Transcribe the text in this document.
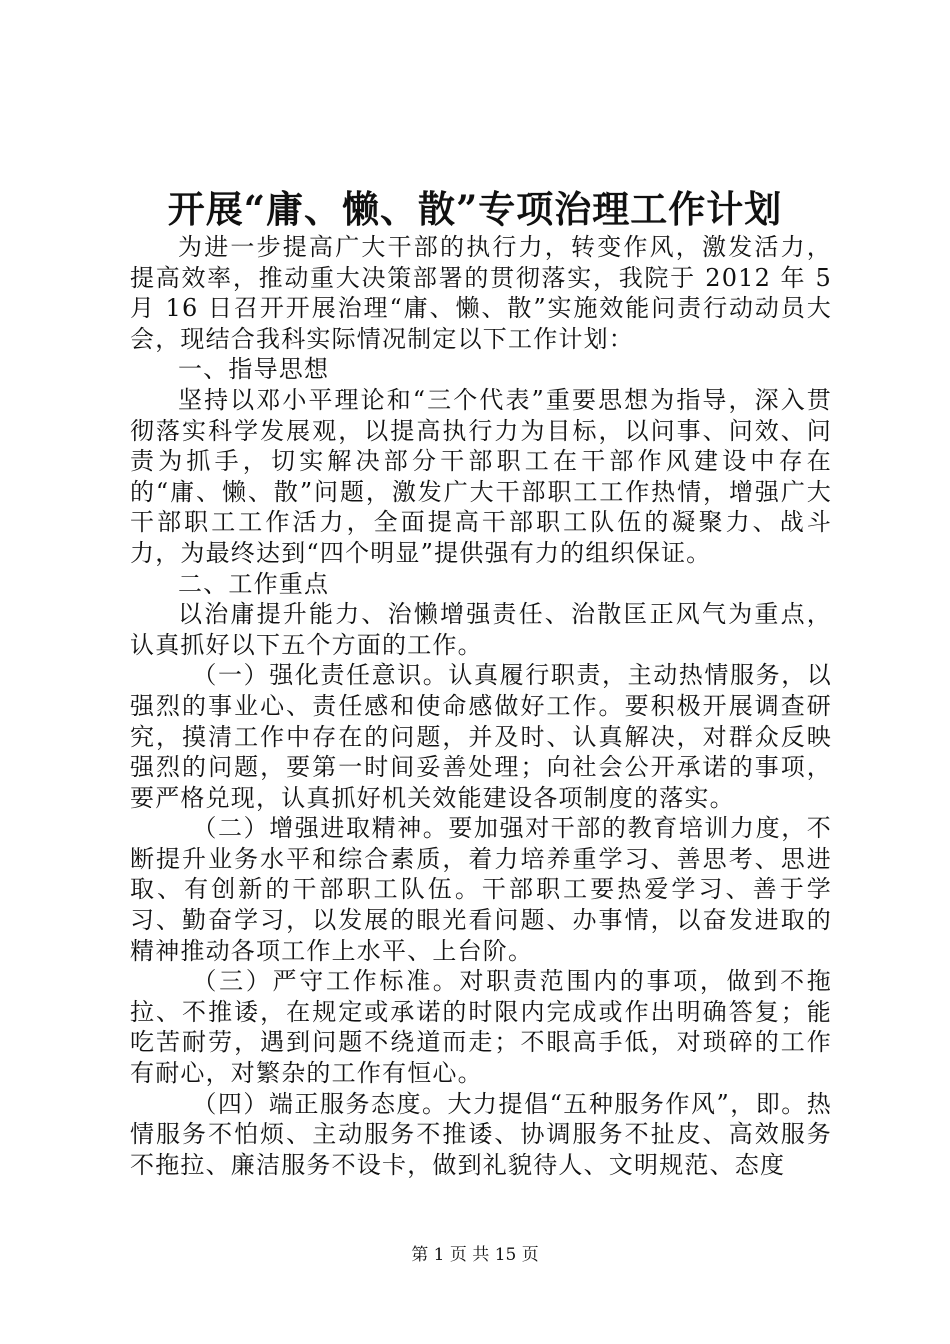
开展“庸、懒、散”专项治理工作计划

为进一步提高广大干部的执行力，转变作风，激发活力，提高效率，推动重大决策部署的贯彻落实，我院于 2012 年 5 月 16 日召开开展治理“庸、懒、散”实施效能问责行动动员大会，现结合我科实际情况制定以下工作计划：

一、指导思想

坚持以邓小平理论和“三个代表”重要思想为指导，深入贯彻落实科学发展观，以提高执行力为目标，以问事、问效、问责为抓手，切实解决部分干部职工在干部作风建设中存在的“庸、懒、散”问题，激发广大干部职工工作热情，增强广大干部职工工作活力，全面提高干部职工队伍的凝聚力、战斗力，为最终达到“四个明显”提供强有力的组织保证。

二、工作重点

以治庸提升能力、治懒增强责任、治散匡正风气为重点，认真抓好以下五个方面的工作。

（一）强化责任意识。认真履行职责，主动热情服务，以强烈的事业心、责任感和使命感做好工作。要积极开展调查研究，摸清工作中存在的问题，并及时、认真解决，对群众反映强烈的问题，要第一时间妥善处理；向社会公开承诺的事项，要严格兑现，认真抓好机关效能建设各项制度的落实。

（二）增强进取精神。要加强对干部的教育培训力度，不断提升业务水平和综合素质，着力培养重学习、善思考、思进取、有创新的干部职工队伍。干部职工要热爱学习、善于学习、勤奋学习，以发展的眼光看问题、办事情，以奋发进取的精神推动各项工作上水平、上台阶。

（三）严守工作标准。对职责范围内的事项，做到不拖拉、不推诿，在规定或承诺的时限内完成或作出明确答复；能吃苦耐劳，遇到问题不绕道而走；不眼高手低，对琐碎的工作有耐心，对繁杂的工作有恒心。

（四）端正服务态度。大力提倡“五种服务作风”，即。热情服务不怕烦、主动服务不推诿、协调服务不扯皮、高效服务不拖拉、廉洁服务不设卡，做到礼貌待人、文明规范、态度

第 1 页 共 15 页
